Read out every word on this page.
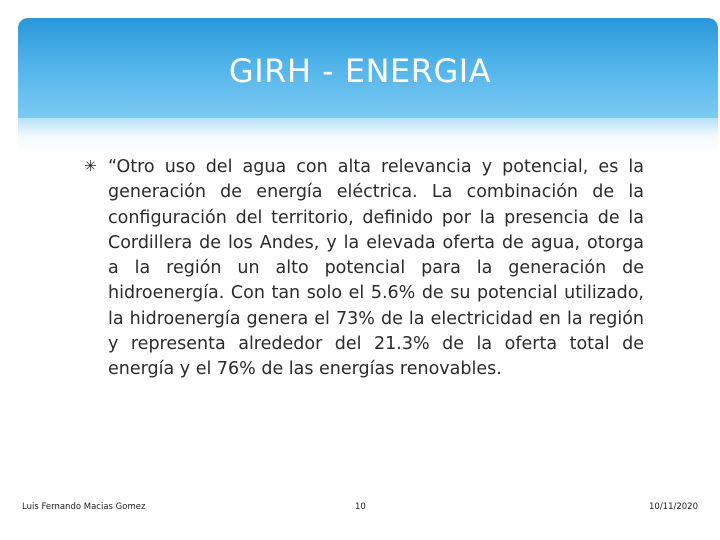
GIRH - ENERGIA
✳ “Otro uso del agua con alta relevancia y potencial, es la generación de energía eléctrica. La combinación de la configuración del territorio, definido por la presencia de la Cordillera de los Andes, y la elevada oferta de agua, otorga a la región un alto potencial para la generación de hidroenergía. Con tan solo el 5.6% de su potencial utilizado, la hidroenergía genera el 73% de la electricidad en la región y representa alrededor del 21.3% de la oferta total de energía y el 76% de las energías renovables.
Luis Fernando Macias Gomez	10	10/11/2020
